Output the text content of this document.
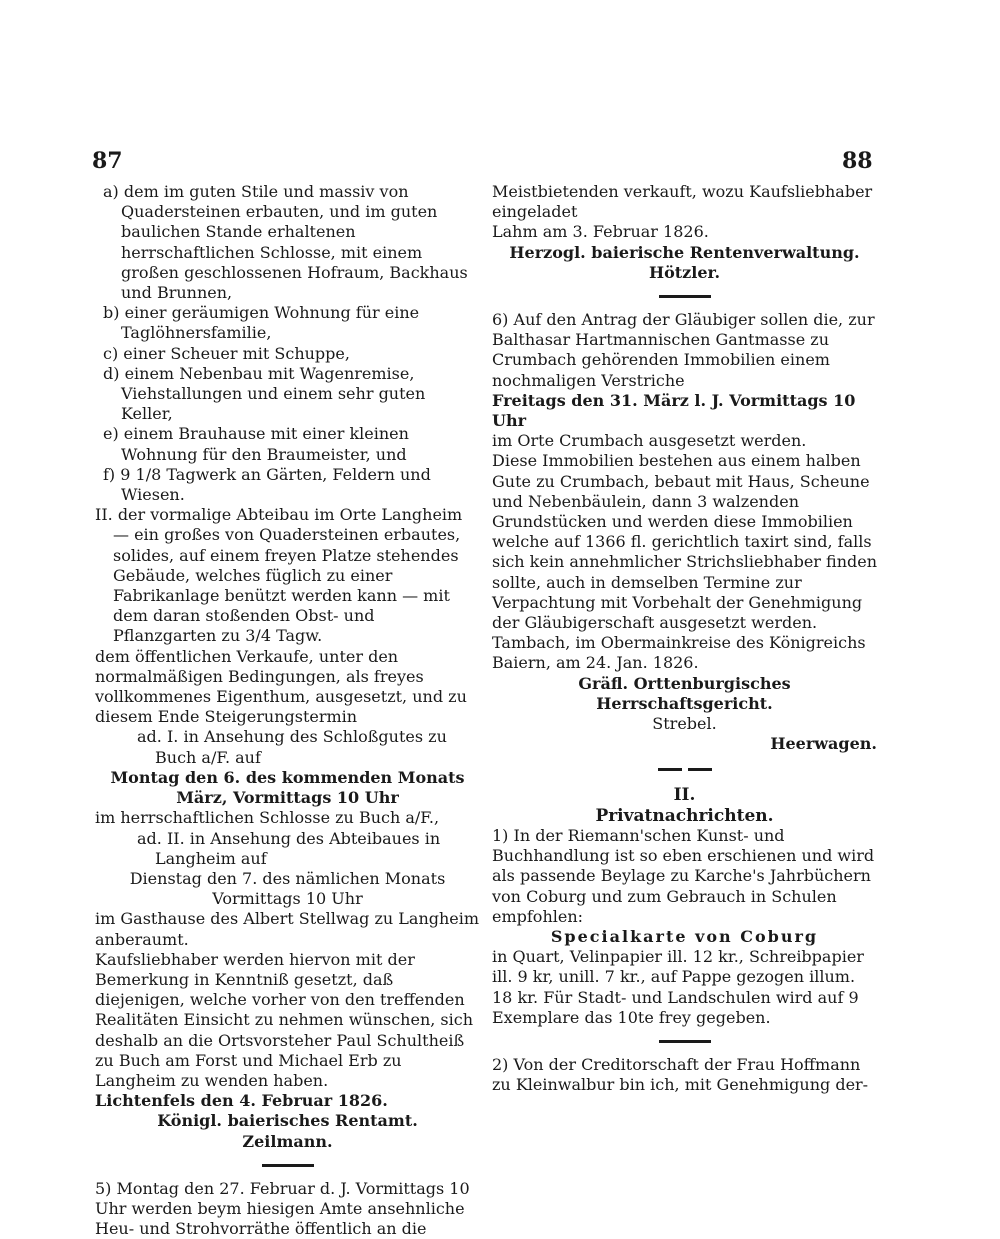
87	88

a) dem im guten Stile und massiv von Quadersteinen erbauten, und im guten baulichen Stande erhaltenen herrschaftlichen Schlosse, mit einem großen geschlossenen Hofraum, Backhaus und Brunnen,

b) einer geräumigen Wohnung für eine Taglöhnersfamilie,

c) einer Scheuer mit Schuppe,

d) einem Nebenbau mit Wagenremise, Viehstallungen und einem sehr guten Keller,

e) einem Brauhause mit einer kleinen Wohnung für den Braumeister, und

f) 9 1/8 Tagwerk an Gärten, Feldern und Wiesen.

II. der vormalige Abteibau im Orte Langheim — ein großes von Quadersteinen erbautes, solides, auf einem freyen Platze stehendes Gebäude, welches füglich zu einer Fabrikanlage benützt werden kann — mit dem daran stoßenden Obst- und Pflanzgarten zu 3/4 Tagw.

dem öffentlichen Verkaufe, unter den normalmäßigen Bedingungen, als freyes vollkommenes Eigenthum, ausgesetzt, und zu diesem Ende Steigerungstermin

ad. I. in Ansehung des Schloßgutes zu Buch a/F. auf

Montag den 6. des kommenden Monats März, Vormittags 10 Uhr

im herrschaftlichen Schlosse zu Buch a/F.,

ad. II. in Ansehung des Abteibaues in Langheim auf

Dienstag den 7. des nämlichen Monats Vormittags 10 Uhr

im Gasthause des Albert Stellwag zu Langheim anberaumt.

Kaufsliebhaber werden hiervon mit der Bemerkung in Kenntniß gesetzt, daß diejenigen, welche vorher von den treffenden Realitäten Einsicht zu nehmen wünschen, sich deshalb an die Ortsvorsteher Paul Schultheiß zu Buch am Forst und Michael Erb zu Langheim zu wenden haben.

Lichtenfels den 4. Februar 1826.

Königl. baierisches Rentamt.

Zeilmann.

5) Montag den 27. Februar d. J. Vormittags 10 Uhr werden beym hiesigen Amte ansehnliche Heu- und Strohvorräthe öffentlich an die

Meistbietenden verkauft, wozu Kaufsliebhaber eingeladet

Lahm am 3. Februar 1826.

Herzogl. baierische Rentenverwaltung.

Hötzler.

6) Auf den Antrag der Gläubiger sollen die, zur Balthasar Hartmannischen Gantmasse zu Crumbach gehörenden Immobilien einem nochmaligen Verstriche

Freitags den 31. März l. J. Vormittags 10 Uhr

im Orte Crumbach ausgesetzt werden.

Diese Immobilien bestehen aus einem halben Gute zu Crumbach, bebaut mit Haus, Scheune und Nebenbäulein, dann 3 walzenden Grundstücken und werden diese Immobilien welche auf 1366 fl. gerichtlich taxirt sind, falls sich kein annehmlicher Strichsliebhaber finden sollte, auch in demselben Termine zur Verpachtung mit Vorbehalt der Genehmigung der Gläubigerschaft ausgesetzt werden.

Tambach, im Obermainkreise des Königreichs Baiern, am 24. Jan. 1826.

Gräfl. Orttenburgisches Herrschaftsgericht.

Strebel.

Heerwagen.

II.

Privatnachrichten.

1) In der Riemann'schen Kunst- und Buchhandlung ist so eben erschienen und wird als passende Beylage zu Karche's Jahrbüchern von Coburg und zum Gebrauch in Schulen empfohlen:

Specialkarte von Coburg

in Quart, Velinpapier ill. 12 kr., Schreibpapier ill. 9 kr, unill. 7 kr., auf Pappe gezogen illum. 18 kr. Für Stadt- und Landschulen wird auf 9 Exemplare das 10te frey gegeben.

2) Von der Creditorschaft der Frau Hoffmann zu Kleinwalbur bin ich, mit Genehmigung der-
